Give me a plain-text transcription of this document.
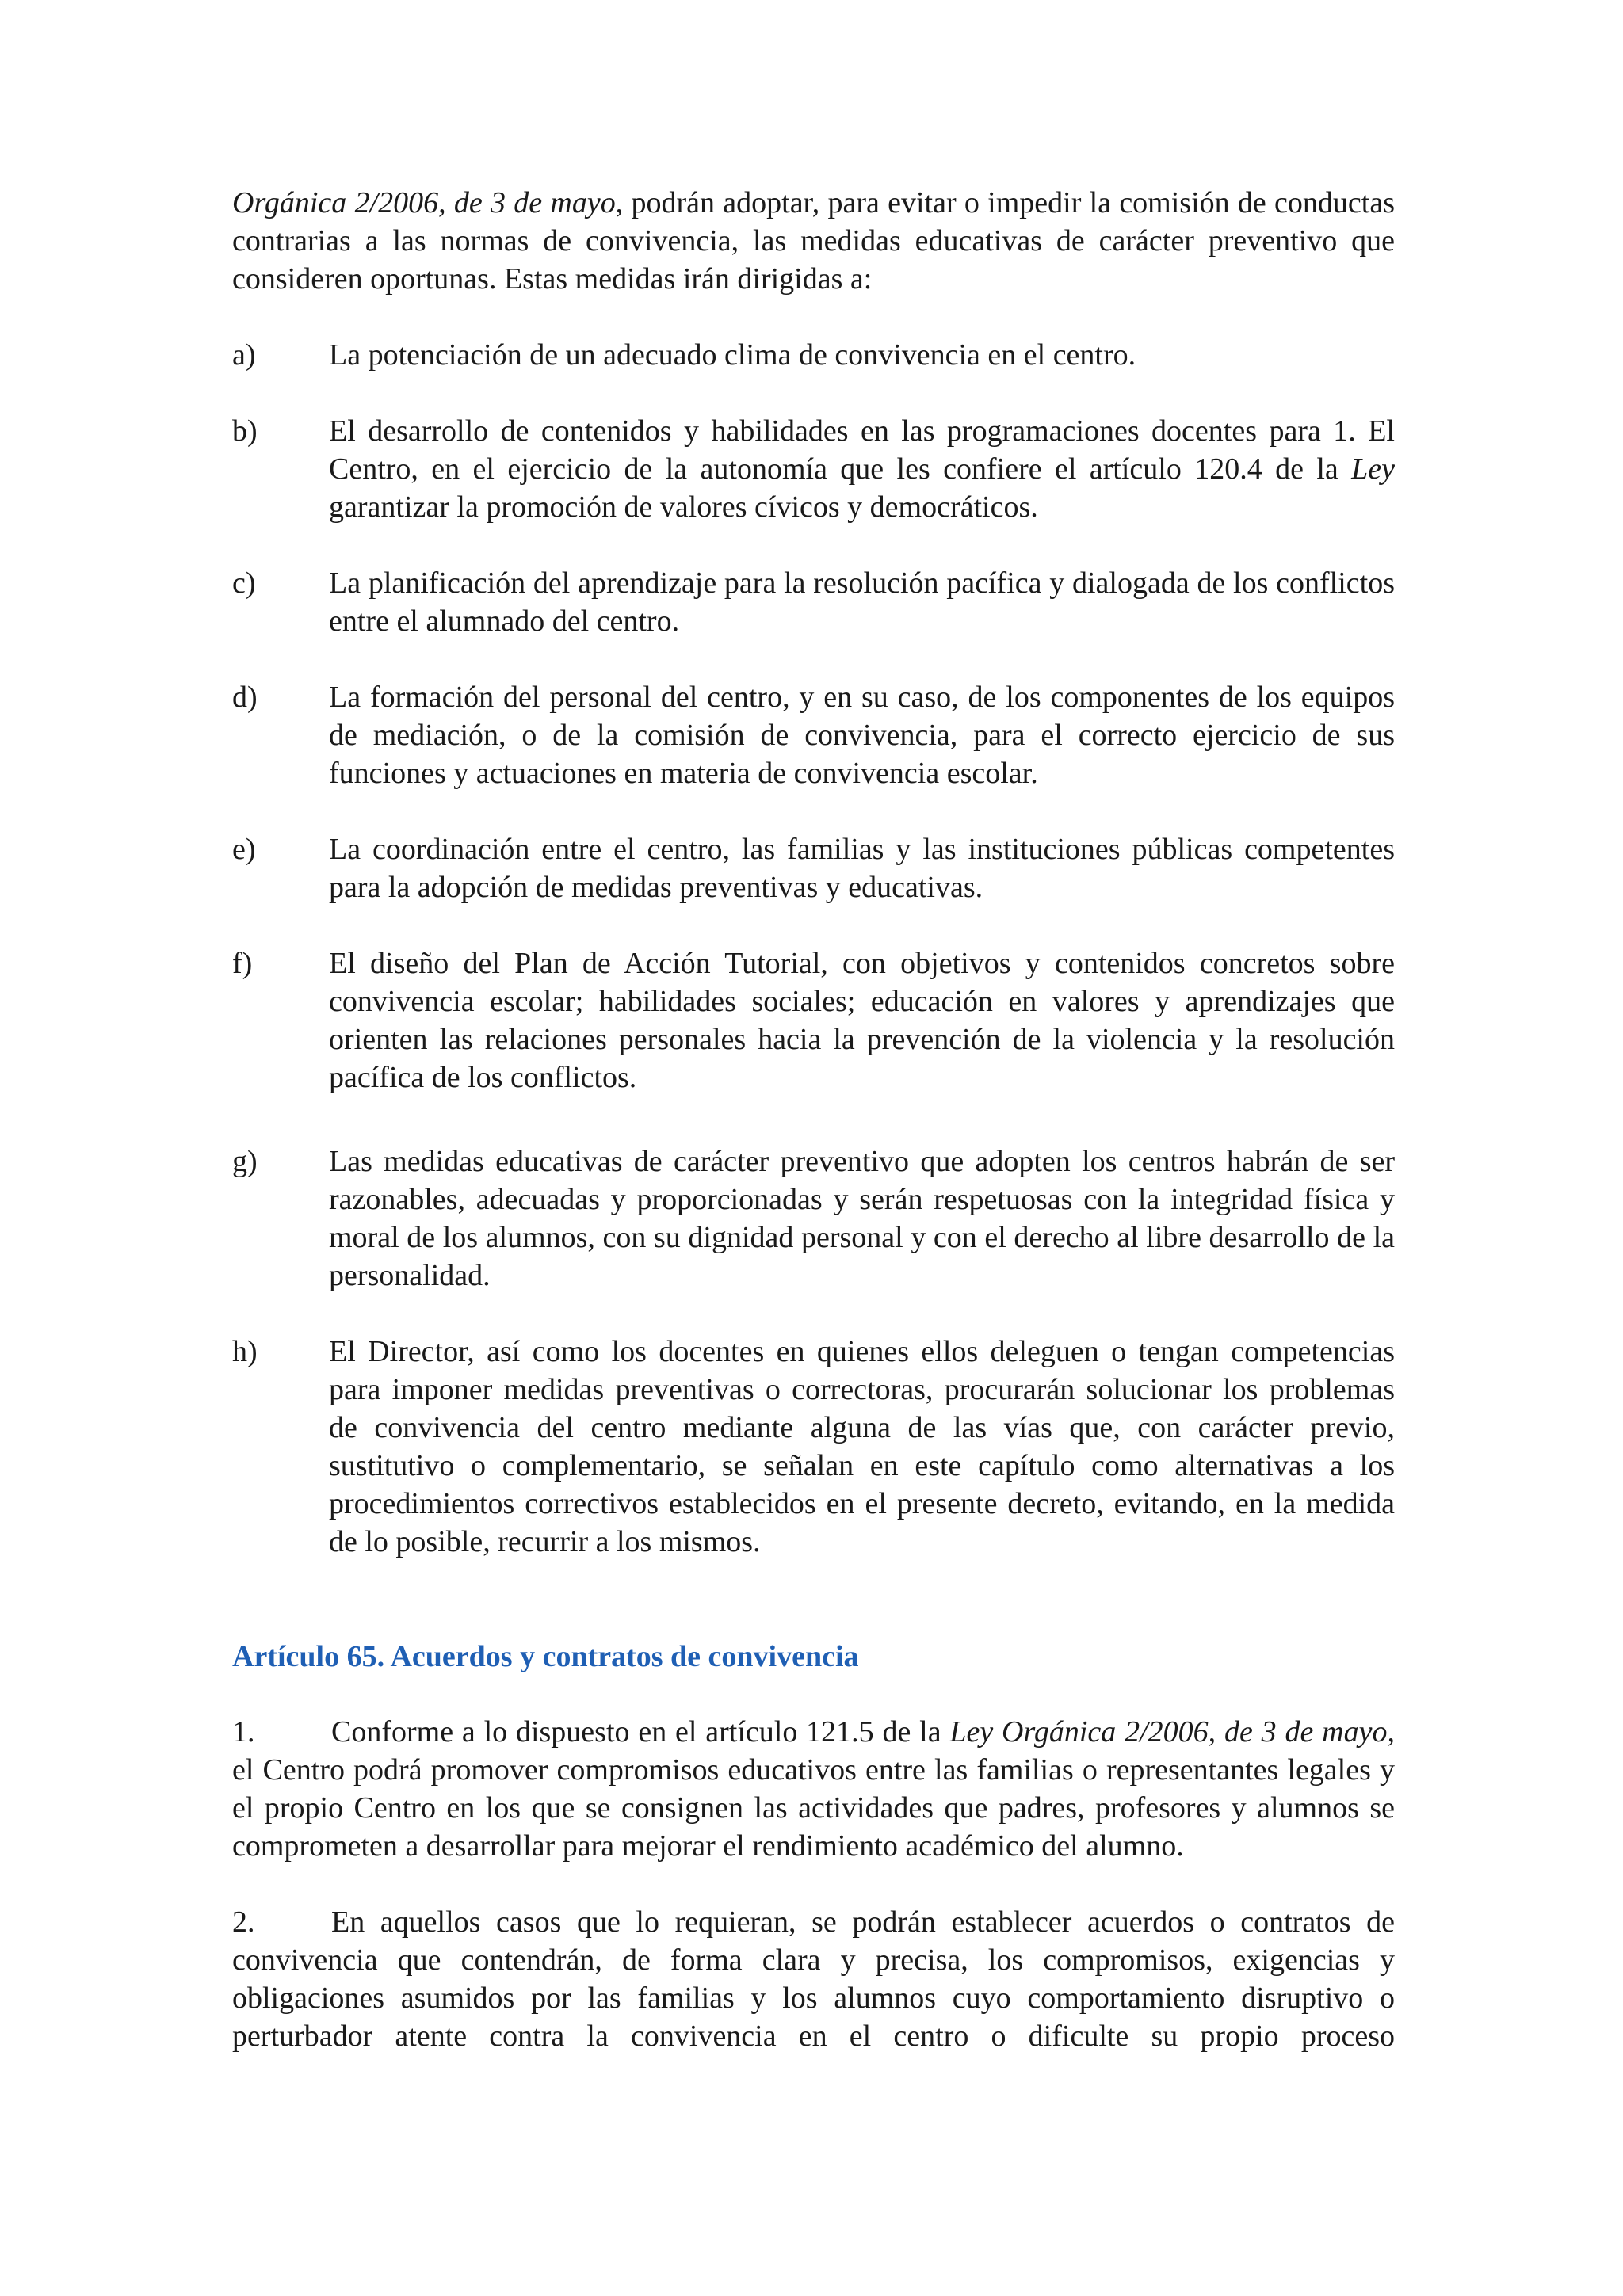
Orgánica 2/2006, de 3 de mayo, podrán adoptar, para evitar o impedir la comisión de conductas contrarias a las normas de convivencia, las medidas educativas de carácter preventivo que consideren oportunas. Estas medidas irán dirigidas a:

a)	La potenciación de un adecuado clima de convivencia en el centro.
b)	El desarrollo de contenidos y habilidades en las programaciones docentes para 1. El Centro, en el ejercicio de la autonomía que les confiere el artículo 120.4 de la Ley garantizar la promoción de valores cívicos y democráticos.
c)	La planificación del aprendizaje para la resolución pacífica y dialogada de los conflictos entre el alumnado del centro.
d)	La formación del personal del centro, y en su caso, de los componentes de los equipos de mediación, o de la comisión de convivencia, para el correcto ejercicio de sus funciones y actuaciones en materia de convivencia escolar.
e)	La coordinación entre el centro, las familias y las instituciones públicas competentes para la adopción de medidas preventivas y educativas.
f)	El diseño del Plan de Acción Tutorial, con objetivos y contenidos concretos sobre convivencia escolar; habilidades sociales; educación en valores y aprendizajes que orienten las relaciones personales hacia la prevención de la violencia y la resolución pacífica de los conflictos.
g)	Las medidas educativas de carácter preventivo que adopten los centros habrán de ser razonables, adecuadas y proporcionadas y serán respetuosas con la integridad física y moral de los alumnos, con su dignidad personal y con el derecho al libre desarrollo de la personalidad.
h)	El Director, así como los docentes en quienes ellos deleguen o tengan competencias para imponer medidas preventivas o correctoras, procurarán solucionar los problemas de convivencia del centro mediante alguna de las vías que, con carácter previo, sustitutivo o complementario, se señalan en este capítulo como alternativas a los procedimientos correctivos establecidos en el presente decreto, evitando, en la medida de lo posible, recurrir a los mismos.
Artículo 65. Acuerdos y contratos de convivencia

1.	Conforme a lo dispuesto en el artículo 121.5 de la Ley Orgánica 2/2006, de 3 de mayo, el Centro podrá promover compromisos educativos entre las familias o representantes legales y el propio Centro en los que se consignen las actividades que padres, profesores y alumnos se comprometen a desarrollar para mejorar el rendimiento académico del alumno.

2.	En aquellos casos que lo requieran, se podrán establecer acuerdos o contratos de convivencia que contendrán, de forma clara y precisa, los compromisos, exigencias y obligaciones asumidos por las familias y los alumnos cuyo comportamiento disruptivo o perturbador atente contra la convivencia en el centro o dificulte su propio proceso
